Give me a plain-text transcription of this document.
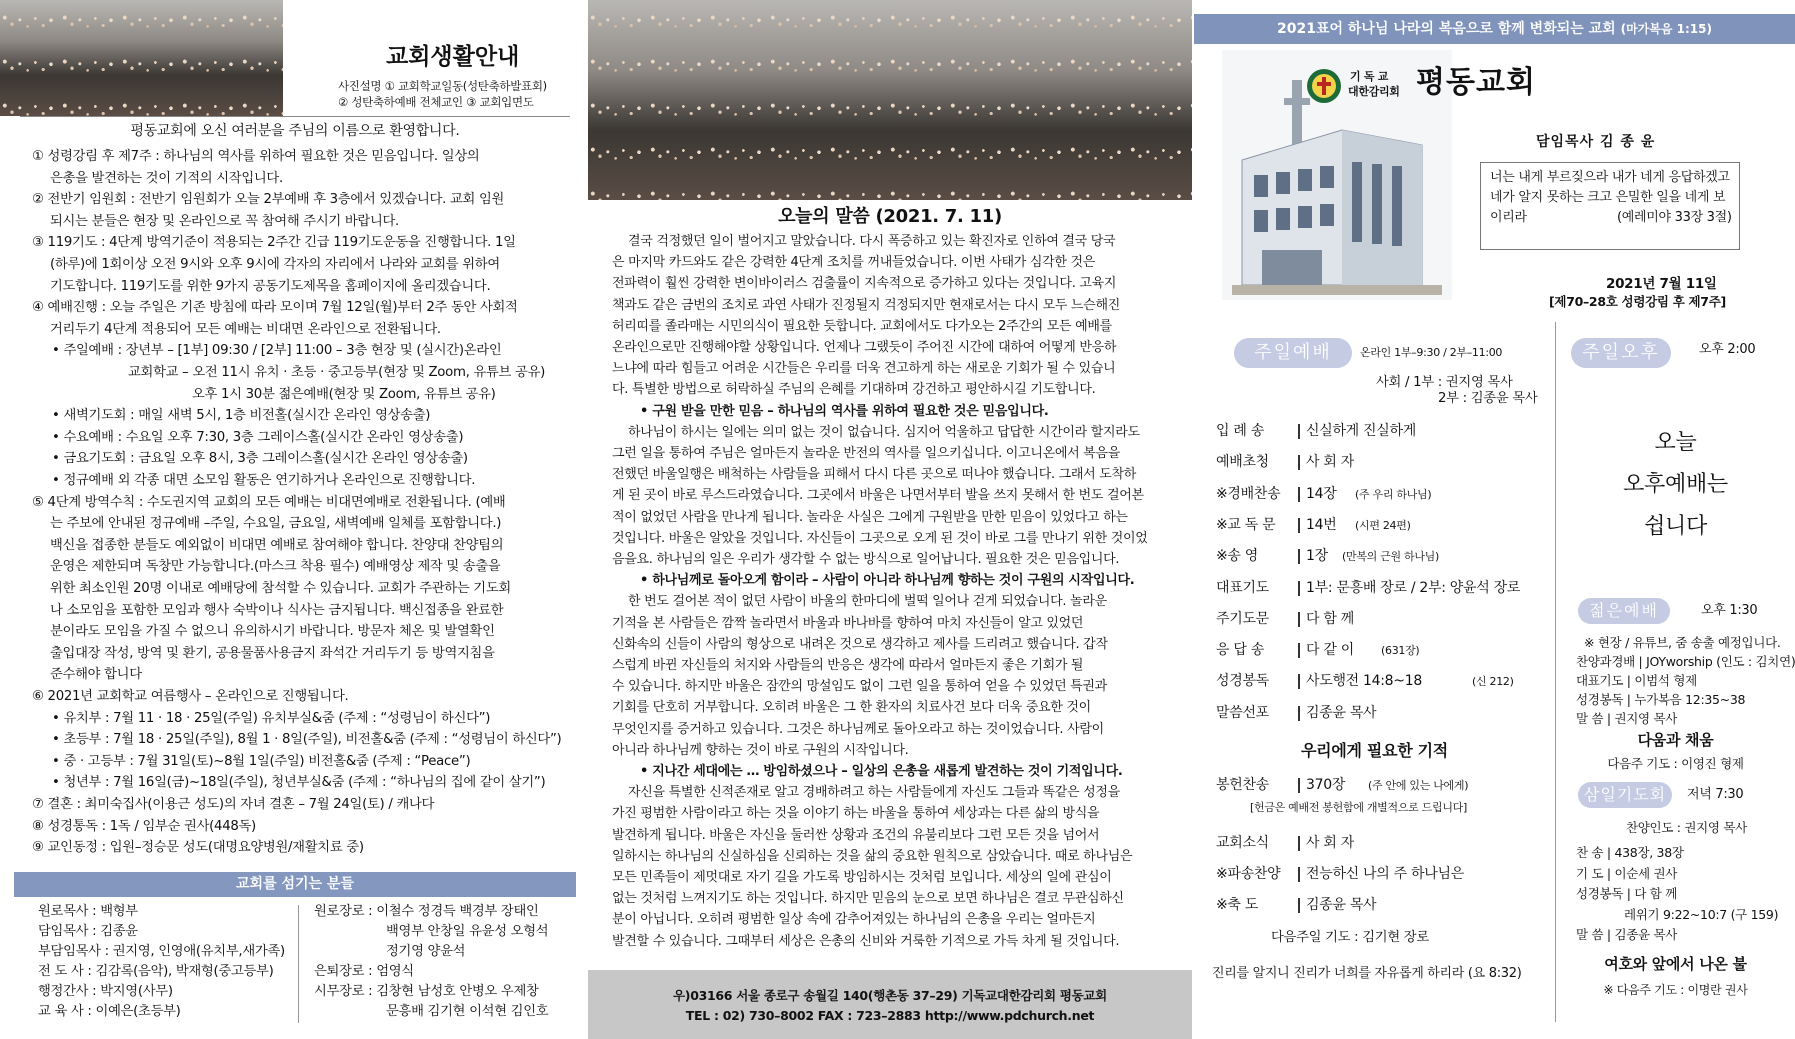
교회생활안내
사진설명 ① 교회학교일동(성탄축하발표회)
② 성탄축하예배 전체교인 ③ 교회입면도
평동교회에 오신 여러분을 주님의 이름으로 환영합니다.
① 성령강림 후 제7주 : 하나님의 역사를 위하여 필요한 것은 믿음입니다. 일상의
은총을 발견하는 것이 기적의 시작입니다.
② 전반기 임원회 : 전반기 임원회가 오늘 2부예배 후 3층에서 있겠습니다. 교회 임원
되시는 분들은 현장 및 온라인으로 꼭 참여해 주시기 바랍니다.
③ 119기도 : 4단계 방역기준이 적용되는 2주간 긴급 119기도운동을 진행합니다. 1일
(하루)에 1회이상 오전 9시와 오후 9시에 각자의 자리에서 나라와 교회를 위하여
기도합니다. 119기도를 위한 9가지 공동기도제목을 홈페이지에 올리겠습니다.
④ 예배진행 : 오늘 주일은 기존 방침에 따라 모이며 7월 12일(월)부터 2주 동안 사회적
거리두기 4단계 적용되어 모든 예배는 비대면 온라인으로 전환됩니다.
• 주일예배 : 장년부 – [1부] 09:30 / [2부] 11:00 – 3층 현장 및 (실시간)온라인
교회학교 – 오전 11시 유치 · 초등 · 중고등부(현장 및 Zoom, 유튜브 공유)
오후 1시 30분 젊은예배(현장 및 Zoom, 유튜브 공유)
• 새벽기도회 : 매일 새벽 5시, 1층 비전홀(실시간 온라인 영상송출)
• 수요예배 : 수요일 오후 7:30, 3층 그레이스홀(실시간 온라인 영상송출)
• 금요기도회 : 금요일 오후 8시, 3층 그레이스홀(실시간 온라인 영상송출)
• 정규예배 외 각종 대면 소모임 활동은 연기하거나 온라인으로 진행합니다.
⑤ 4단계 방역수칙 : 수도권지역 교회의 모든 예배는 비대면예배로 전환됩니다. (예배
는 주보에 안내된 정규예배 –주일, 수요일, 금요일, 새벽예배 일체를 포함합니다.)
백신을 접종한 분들도 예외없이 비대면 예배로 참여해야 합니다. 찬양대 찬양팀의
운영은 제한되며 독창만 가능합니다.(마스크 착용 필수) 예배영상 제작 및 송출을
위한 최소인원 20명 이내로 예배당에 참석할 수 있습니다. 교회가 주관하는 기도회
나 소모임을 포함한 모임과 행사 숙박이나 식사는 금지됩니다. 백신접종을 완료한
분이라도 모임을 가질 수 없으니 유의하시기 바랍니다. 방문자 체온 및 발열확인
출입대장 작성, 방역 및 환기, 공용물품사용금지 좌석간 거리두기 등 방역지침을
준수해야 합니다
⑥ 2021년 교회학교 여름행사 – 온라인으로 진행됩니다.
• 유치부 : 7월 11 · 18 · 25일(주일) 유치부실&줌 (주제 : “성령님이 하신다”)
• 초등부 : 7월 18 · 25일(주일), 8월 1 · 8일(주일), 비전홀&줌 (주제 : “성령님이 하신다”)
• 중 · 고등부 : 7월 31일(토)~8월 1일(주일) 비전홀&줌 (주제 : “Peace”)
• 청년부 : 7월 16일(금)~18일(주일), 청년부실&줌 (주제 : “하나님의 집에 같이 살기”)
⑦ 결혼 : 최미숙집사(이용근 성도)의 자녀 결혼 – 7월 24일(토) / 캐나다
⑧ 성경통독 : 1독 / 임부순 권사(448독)
⑨ 교인동정 : 입원–정승문 성도(대명요양병원/재활치료 중)
교회를 섬기는 분들
원로목사 : 백형부
담임목사 : 김종윤
부담임목사 : 권지영, 인영애(유치부,새가족)
전 도 사 : 김감록(음악), 박재형(중고등부)
행정간사 : 박지영(사무)
교 육 사 : 이예은(초등부)
원로장로 : 이철수 정경득 백경부 장태인
백영부 안창일 유윤성 오형석
정기영 양윤석
은퇴장로 : 엄영식
시무장로 : 김창현 남성호 안병오 우제창
문흥배 김기현 이석현 김인호
오늘의 말씀 (2021. 7. 11)
결국 걱정했던 일이 벌어지고 말았습니다. 다시 폭증하고 있는 확진자로 인하여 결국 당국
은 마지막 카드와도 같은 강력한 4단계 조치를 꺼내들었습니다. 이번 사태가 심각한 것은
전파력이 훨씬 강력한 변이바이러스 검출률이 지속적으로 증가하고 있다는 것입니다. 고육지
책과도 같은 금번의 조치로 과연 사태가 진정될지 걱정되지만 현재로서는 다시 모두 느슨해진
허리띠를 졸라매는 시민의식이 필요한 듯합니다. 교회에서도 다가오는 2주간의 모든 예배를
온라인으로만 진행해야할 상황입니다. 언제나 그랬듯이 주어진 시간에 대하여 어떻게 반응하
느냐에 따라 힘들고 어려운 시간들은 우리를 더욱 견고하게 하는 새로운 기회가 될 수 있습니
다. 특별한 방법으로 허락하실 주님의 은혜를 기대하며 강건하고 평안하시길 기도합니다.
• 구원 받을 만한 믿음 – 하나님의 역사를 위하여 필요한 것은 믿음입니다.
하나님이 하시는 일에는 의미 없는 것이 없습니다. 심지어 억울하고 답답한 시간이라 할지라도
그런 일을 통하여 주님은 얼마든지 놀라운 반전의 역사를 일으키십니다. 이고니온에서 복음을
전했던 바울일행은 배척하는 사람들을 피해서 다시 다른 곳으로 떠나야 했습니다. 그래서 도착하
게 된 곳이 바로 루스드라였습니다. 그곳에서 바울은 나면서부터 발을 쓰지 못해서 한 번도 걸어본
적이 없었던 사람을 만나게 됩니다. 놀라운 사실은 그에게 구원받을 만한 믿음이 있었다고 하는
것입니다. 바울은 알았을 것입니다. 자신들이 그곳으로 오게 된 것이 바로 그를 만나기 위한 것이었
음을요. 하나님의 일은 우리가 생각할 수 없는 방식으로 일어납니다. 필요한 것은 믿음입니다.
• 하나님께로 돌아오게 함이라 – 사람이 아니라 하나님께 향하는 것이 구원의 시작입니다.
한 번도 걸어본 적이 없던 사람이 바울의 한마디에 벌떡 일어나 걷게 되었습니다. 놀라운
기적을 본 사람들은 깜짝 놀라면서 바울과 바나바를 향하여 마치 자신들이 알고 있었던
신화속의 신들이 사람의 형상으로 내려온 것으로 생각하고 제사를 드리려고 했습니다. 갑작
스럽게 바뀐 자신들의 처지와 사람들의 반응은 생각에 따라서 얼마든지 좋은 기회가 될
수 있습니다. 하지만 바울은 잠깐의 망설임도 없이 그런 일을 통하여 얻을 수 있었던 특권과
기회를 단호히 거부합니다. 오히려 바울은 그 한 환자의 치료사건 보다 더욱 중요한 것이
무엇인지를 증거하고 있습니다. 그것은 하나님께로 돌아오라고 하는 것이었습니다. 사람이
아니라 하나님께 향하는 것이 바로 구원의 시작입니다.
• 지나간 세대에는 … 방임하셨으나 – 일상의 은총을 새롭게 발견하는 것이 기적입니다.
자신을 특별한 신적존재로 알고 경배하려고 하는 사람들에게 자신도 그들과 똑같은 성정을
가진 평범한 사람이라고 하는 것을 이야기 하는 바울을 통하여 세상과는 다른 삶의 방식을
발견하게 됩니다. 바울은 자신을 둘러싼 상황과 조건의 유불리보다 그런 모든 것을 넘어서
일하시는 하나님의 신실하심을 신뢰하는 것을 삶의 중요한 원칙으로 삼았습니다. 때로 하나님은
모든 민족들이 제멋대로 자기 길을 가도록 방임하시는 것처럼 보입니다. 세상의 일에 관심이
없는 것처럼 느껴지기도 하는 것입니다. 하지만 믿음의 눈으로 보면 하나님은 결코 무관심하신
분이 아닙니다. 오히려 평범한 일상 속에 감추어져있는 하나님의 은총을 우리는 얼마든지
발견할 수 있습니다. 그때부터 세상은 은총의 신비와 거룩한 기적으로 가득 차게 될 것입니다.
우)03166 서울 종로구 송월길 140(행촌동 37–29) 기독교대한감리회 평동교회
TEL : 02) 730–8002 FAX : 723–2883 http://www.pdchurch.net
2021표어 하나님 나라의 복음으로 함께 변화되는 교회 (마가복음 1:15)
기 독 교
대한감리회 평동교회
담임목사 김 종 윤
너는 내게 부르짖으라 내가 네게 응답하겠고
네가 알지 못하는 크고 은밀한 일을 네게 보
이리라	(예레미야 33장 3절)
2021년 7월 11일
[제70–28호 성령강림 후 제7주]
주일예배	온라인 1부–9:30 / 2부–11:00
사회 / 1부 : 권지영 목사
2부 : 김종윤 목사
입 례 송	신실하게 진실하게
예배초청	사 회 자
※경배찬송	14장 (주 우리 하나님)
※교 독 문	14번 (시편 24편)
※송 영	1장 (만복의 근원 하나님)
대표기도	1부: 문흥배 장로 / 2부: 양윤석 장로
주기도문	다 함 께
응 답 송	다 같 이 (631장)
성경봉독	사도행전 14:8~18	(신 212)
말씀선포	김종윤 목사
우리에게 필요한 기적
봉헌찬송	370장 (주 안에 있는 나에게)
[헌금은 예배전 봉헌함에 개별적으로 드립니다]
교회소식	사 회 자
※파송찬양	전능하신 나의 주 하나님은
※축 도	김종윤 목사
다음주일 기도 : 김기현 장로
진리를 알지니 진리가 너희를 자유롭게 하리라 (요 8:32)
주일오후	오후 2:00
오늘
오후예배는
쉽니다
젊은예배	오후 1:30
※ 현장 / 유튜브, 줌 송출 예정입니다.
찬양과경배 | JOYworship (인도 : 김치연)
대표기도 | 이범석 형제
성경봉독 | 누가복음 12:35~38
말 씀 | 권지영 목사
다움과 채움
다음주 기도 : 이영진 형제
삼일기도회	저녁 7:30
찬양인도 : 권지영 목사
찬 송 | 438장, 38장
기 도 | 이순세 권사
성경봉독 | 다 함 께
레위기 9:22~10:7 (구 159)
말 씀 | 김종윤 목사
여호와 앞에서 나온 불
※ 다음주 기도 : 이명란 권사
